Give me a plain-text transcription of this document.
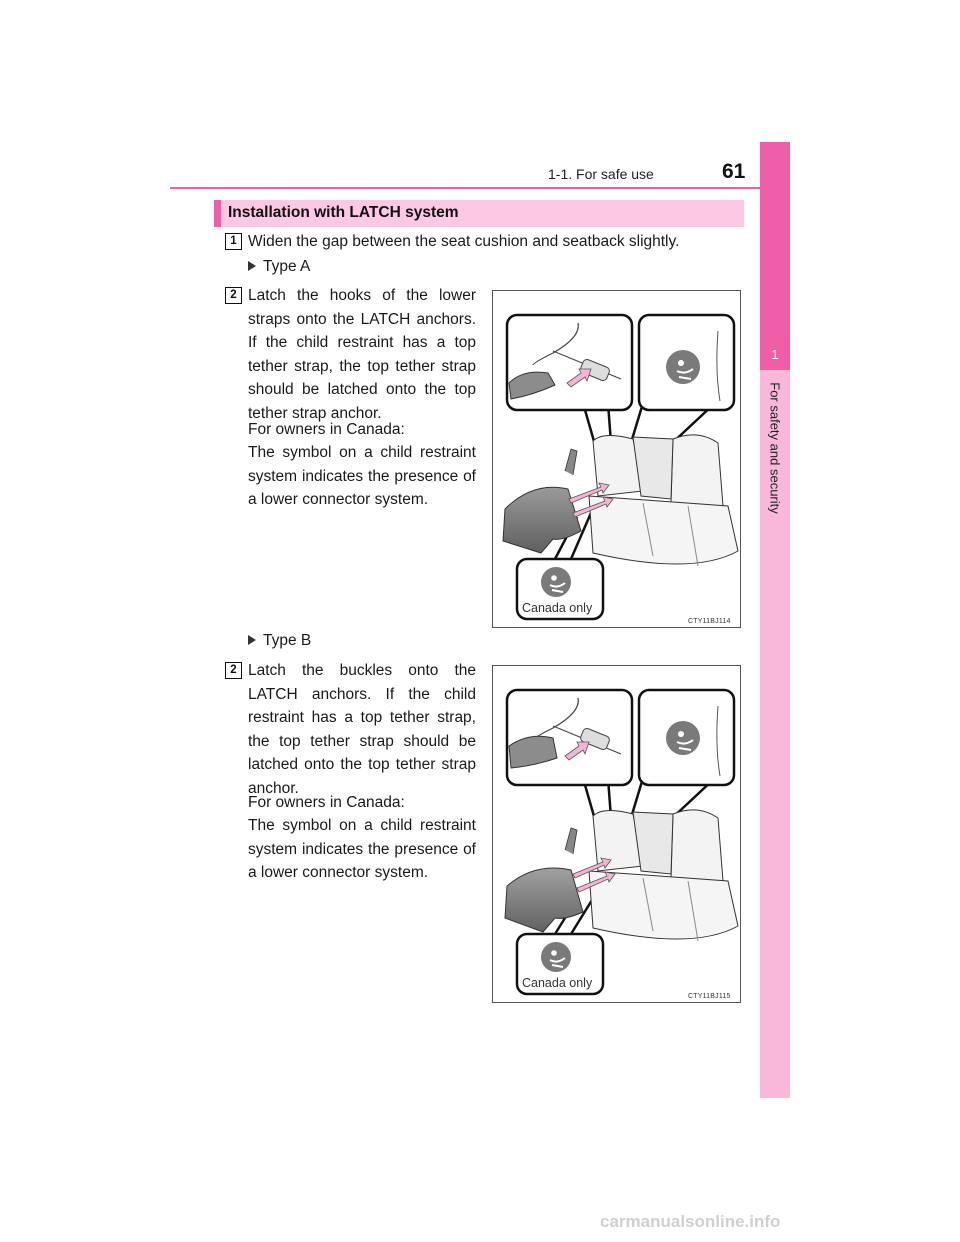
1-1. For safe use	61
1
For safety and security
Installation with LATCH system
1 Widen the gap between the seat cushion and seatback slightly.
Type A
2 Latch the hooks of the lower straps onto the LATCH anchors. If the child restraint has a top tether strap, the top tether strap should be latched onto the top tether strap anchor.
For owners in Canada:
The symbol on a child restraint system indicates the presence of a lower connector system.
Canada only
CTY11BJ114
Type B
2 Latch the buckles onto the LATCH anchors. If the child restraint has a top tether strap, the top tether strap should be latched onto the top tether strap anchor.
For owners in Canada:
The symbol on a child restraint system indicates the presence of a lower connector system.
Canada only
CTY11BJ115
carmanualsonline.info
